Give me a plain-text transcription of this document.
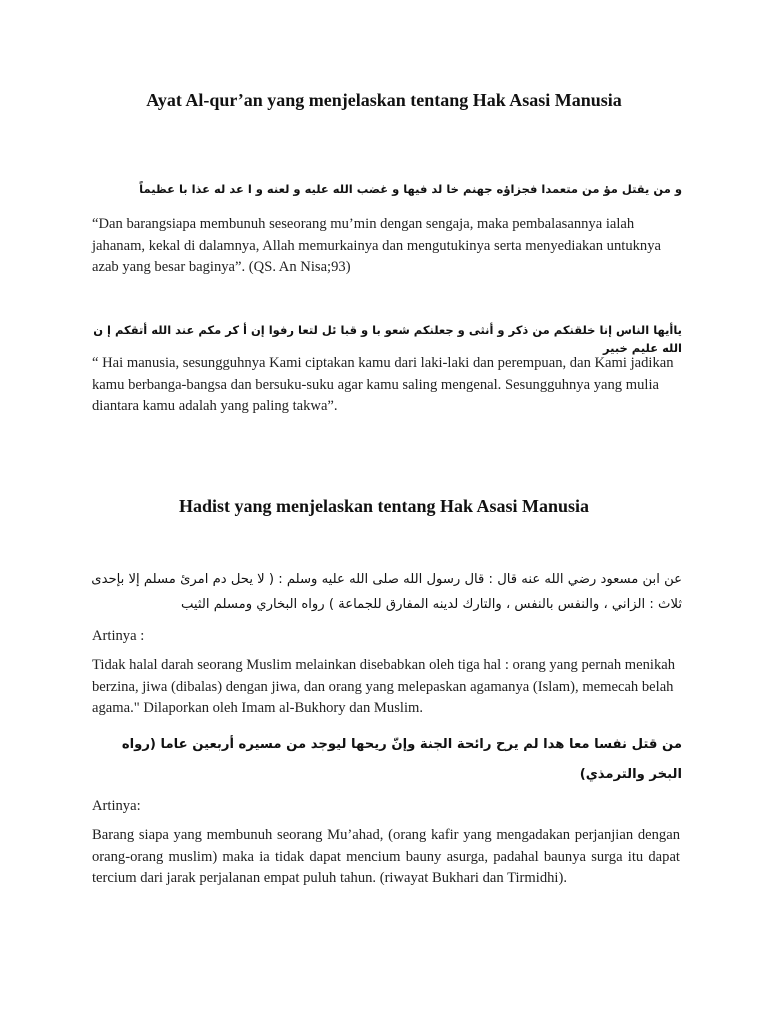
Ayat Al-qur’an yang menjelaskan tentang Hak Asasi Manusia
و من يقتل مؤ من متعمدا فجزاؤه جهنم خا لد فيها و غضب الله عليه و لعنه و ا عد له عذا با عظيماً
“Dan barangsiapa membunuh seseorang mu’min dengan sengaja, maka pembalasannya ialah jahanam, kekal di dalamnya, Allah memurkainya dan mengutukinya serta menyediakan untuknya azab yang besar baginya”. (QS. An Nisa;93)
ياأيها الناس إنا خلقنكم من ذكر و أنثى و جعلنكم شعو با و قبا ئل لتعا رفوا إن أ كر مكم عند الله أتقكم إ ن الله عليم خبير
“ Hai manusia, sesungguhnya Kami ciptakan kamu dari laki-laki dan perempuan, dan Kami jadikan kamu berbanga-bangsa dan bersuku-suku agar kamu saling mengenal. Sesungguhnya yang mulia diantara kamu adalah yang paling takwa”.
Hadist yang menjelaskan tentang Hak Asasi Manusia
عن ابن مسعود رضي الله عنه قال : قال رسول الله صلى الله عليه وسلم : ( لا يحل دم امرئ مسلم إلا بإحدى ثلاث : الزاني ، والنفس بالنفس ، والتارك لدينه المفارق للجماعة ) رواه البخاري ومسلم الثيب
Artinya :
Tidak halal darah seorang Muslim melainkan disebabkan oleh tiga hal : orang yang pernah menikah berzina, jiwa (dibalas) dengan jiwa, dan orang yang melepaskan agamanya (Islam), memecah belah agama." Dilaporkan oleh Imam al-Bukhory dan Muslim.
من قتل نفسا معا هدا لم يرح رائحة الجنة وإنّ ريحها ليوجد من مسيره أربعين عاما (رواه البخر والترمذي)
Artinya:
Barang siapa yang membunuh seorang Mu’ahad, (orang kafir yang mengadakan perjanjian dengan orang-orang muslim) maka ia tidak dapat mencium bauny asurga, padahal baunya surga itu dapat tercium dari jarak perjalanan empat puluh tahun. (riwayat Bukhari dan Tirmidhi).
